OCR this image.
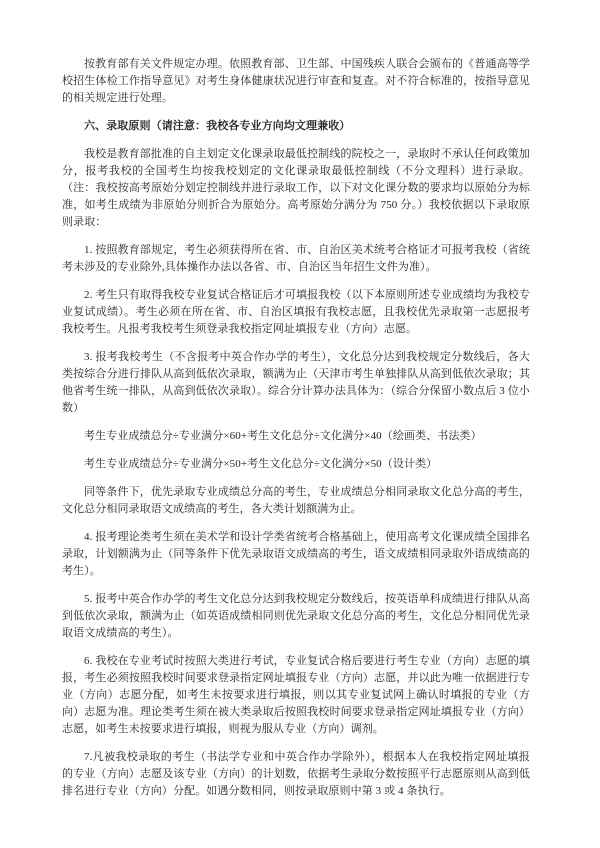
按教育部有关文件规定办理。依照教育部、卫生部、中国残疾人联合会颁布的《普通高等学校招生体检工作指导意见》对考生身体健康状况进行审查和复查。对不符合标准的，按指导意见的相关规定进行处理。

六、录取原则（请注意：我校各专业方向均文理兼收）

我校是教育部批准的自主划定文化课录取最低控制线的院校之一，录取时不承认任何政策加分，报考我校的全国考生均按我校划定的文化课录取最低控制线（不分文理科）进行录取。（注：我校按高考原始分划定控制线并进行录取工作，以下对文化课分数的要求均以原始分为标准，如考生成绩为非原始分则折合为原始分。高考原始分满分为 750 分。）我校依据以下录取原则录取：

1. 按照教育部规定，考生必须获得所在省、市、自治区美术统考合格证才可报考我校（省统考未涉及的专业除外,具体操作办法以各省、市、自治区当年招生文件为准）。

2. 考生只有取得我校专业复试合格证后才可填报我校（以下本原则所述专业成绩均为我校专业复试成绩）。考生必须在所在省、市、自治区填报有我校志愿，且我校优先录取第一志愿报考我校考生。凡报考我校考生须登录我校指定网址填报专业（方向）志愿。

3. 报考我校考生（不含报考中英合作办学的考生），文化总分达到我校规定分数线后，各大类按综合分进行排队从高到低依次录取，额满为止（天津市考生单独排队从高到低依次录取；其他省考生统一排队，从高到低依次录取）。综合分计算办法具体为：（综合分保留小数点后 3 位小数）

考生专业成绩总分÷专业满分×60+考生文化总分÷文化满分×40（绘画类、书法类）

考生专业成绩总分÷专业满分×50+考生文化总分÷文化满分×50（设计类）

同等条件下，优先录取专业成绩总分高的考生，专业成绩总分相同录取文化总分高的考生，文化总分相同录取语文成绩高的考生，各大类计划额满为止。

4. 报考理论类考生须在美术学和设计学类省统考合格基础上，使用高考文化课成绩全国排名录取，计划额满为止（同等条件下优先录取语文成绩高的考生，语文成绩相同录取外语成绩高的考生）。

5. 报考中英合作办学的考生文化总分达到我校规定分数线后，按英语单科成绩进行排队从高到低依次录取，额满为止（如英语成绩相同则优先录取文化总分高的考生，文化总分相同优先录取语文成绩高的考生）。

6. 我校在专业考试时按照大类进行考试，专业复试合格后要进行考生专业（方向）志愿的填报，考生必须按照我校时间要求登录指定网址填报专业（方向）志愿，并以此为唯一依据进行专业（方向）志愿分配，如考生未按要求进行填报，则以其专业复试网上确认时填报的专业（方向）志愿为准。理论类考生须在被大类录取后按照我校时间要求登录指定网址填报专业（方向）志愿，如考生未按要求进行填报，则视为服从专业（方向）调剂。

7.凡被我校录取的考生（书法学专业和中英合作办学除外），根据本人在我校指定网址填报的专业（方向）志愿及该专业（方向）的计划数，依据考生录取分数按照平行志愿原则从高到低排名进行专业（方向）分配。如遇分数相同，则按录取原则中第 3 或 4 条执行。
